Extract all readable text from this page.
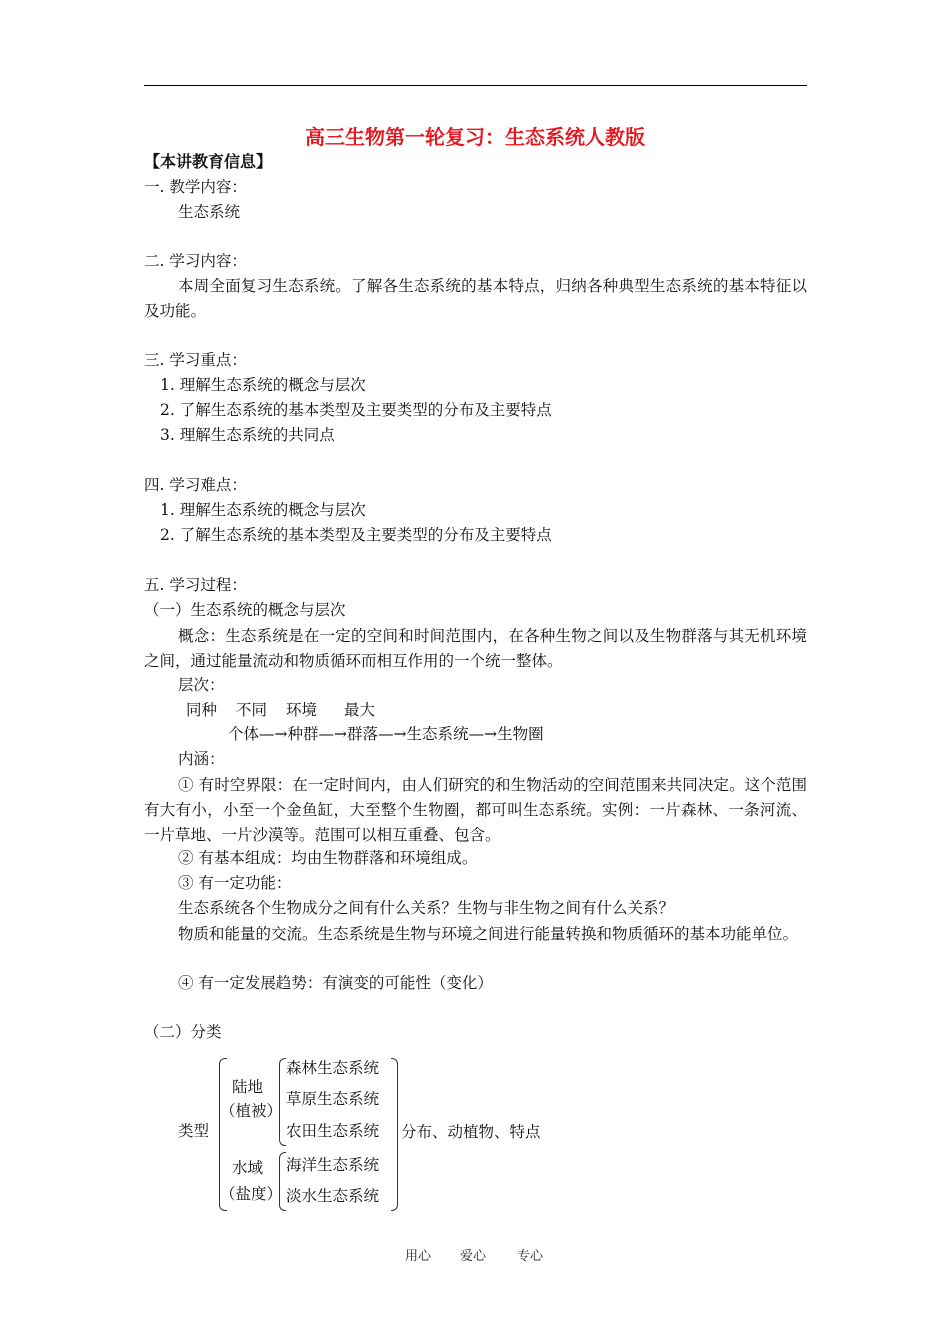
高三生物第一轮复习：生态系统人教版
【本讲教育信息】
一. 教学内容：
生态系统
二. 学习内容：
本周全面复习生态系统。了解各生态系统的基本特点，归纳各种典型生态系统的基本特征以及功能。
三. 学习重点：
1. 理解生态系统的概念与层次
2. 了解生态系统的基本类型及主要类型的分布及主要特点
3. 理解生态系统的共同点
四. 学习难点：
1. 理解生态系统的概念与层次
2. 了解生态系统的基本类型及主要类型的分布及主要特点
五. 学习过程：
（一）生态系统的概念与层次
概念：生态系统是在一定的空间和时间范围内，在各种生物之间以及生物群落与其无机环境之间，通过能量流动和物质循环而相互作用的一个统一整体。
层次：
同种 不同 环境 最大
个体—→种群—→群落—→生态系统—→生物圈
内涵：
① 有时空界限：在一定时间内，由人们研究的和生物活动的空间范围来共同决定。这个范围有大有小，小至一个金鱼缸，大至整个生物圈，都可叫生态系统。实例：一片森林、一条河流、一片草地、一片沙漠等。范围可以相互重叠、包含。
② 有基本组成：均由生物群落和环境组成。
③ 有一定功能：
生态系统各个生物成分之间有什么关系？生物与非生物之间有什么关系？
物质和能量的交流。生态系统是生物与环境之间进行能量转换和物质循环的基本功能单位。
④ 有一定发展趋势：有演变的可能性（变化）
（二）分类
类型
陆地
（植被）
森林生态系统
草原生态系统
农田生态系统
水域
（盐度）
海洋生态系统
淡水生态系统
分布、动植物、特点
用心 爱心 专心
